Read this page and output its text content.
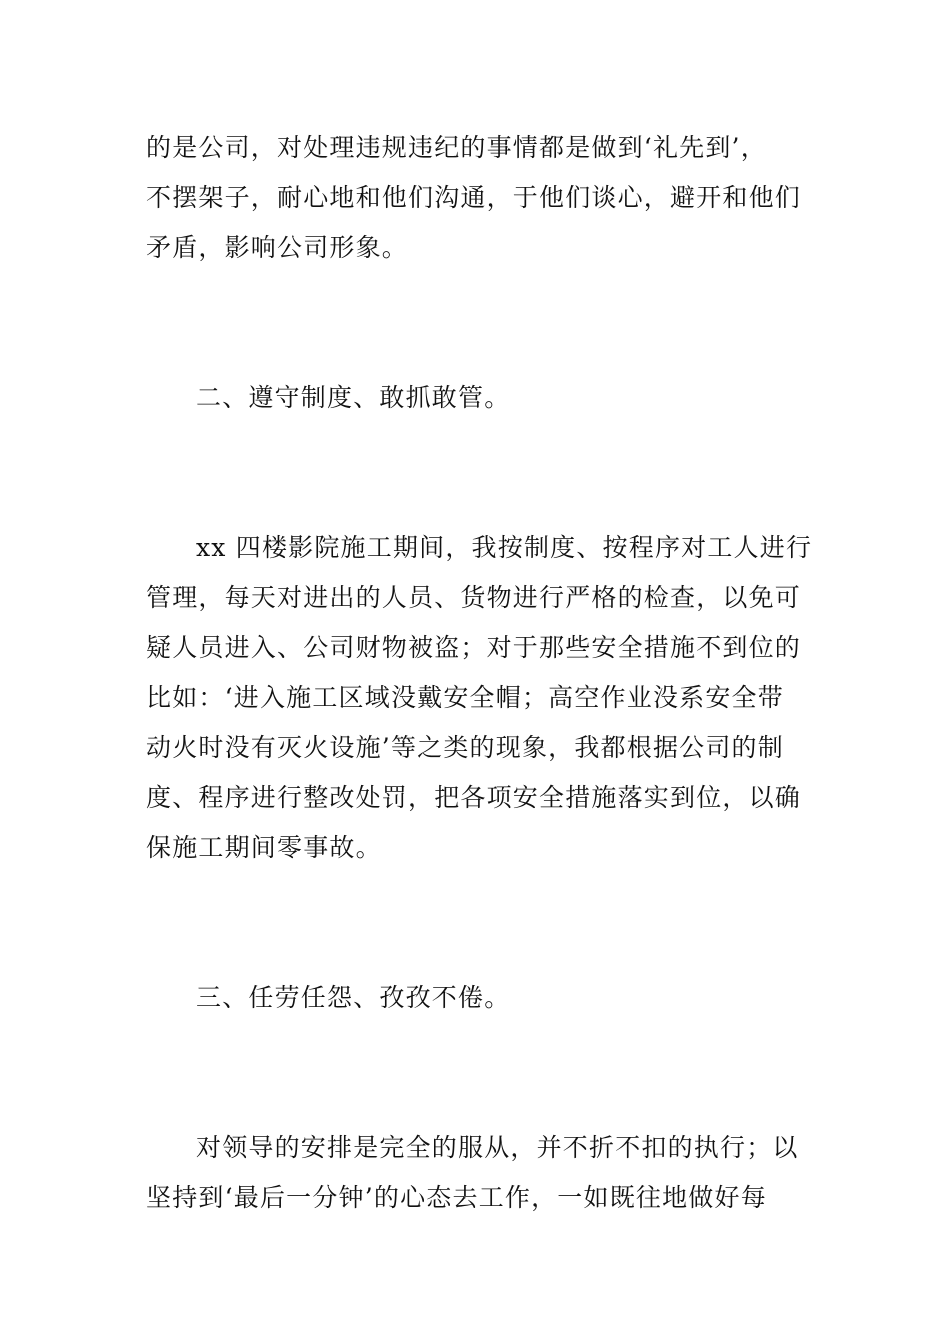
的是公司，对处理违规违纪的事情都是做到‘礼先到’，
不摆架子，耐心地和他们沟通，于他们谈心，避开和他们
矛盾，影响公司形象。
二、遵守制度、敢抓敢管。
xx 四楼影院施工期间，我按制度、按程序对工人进行
管理，每天对进出的人员、货物进行严格的检查，以免可
疑人员进入、公司财物被盗；对于那些安全措施不到位的
比如：‘进入施工区域没戴安全帽；高空作业没系安全带
动火时没有灭火设施’等之类的现象，我都根据公司的制
度、程序进行整改处罚，把各项安全措施落实到位，以确
保施工期间零事故。
三、任劳任怨、孜孜不倦。
对领导的安排是完全的服从，并不折不扣的执行；以
坚持到‘最后一分钟’的心态去工作，一如既往地做好每
